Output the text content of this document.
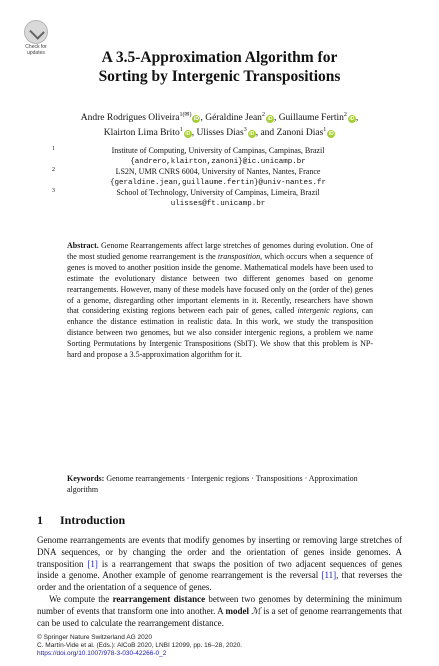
Check for
updates	A 3.5-Approximation Algorithm for
Sorting by Intergenic Transpositions
Andre Rodrigues Oliveira$^{1(✉)}$iD , Géraldine Jean$^2$iD , Guillaume Fertin$^2$iD ,
Klairton Lima Brito$^1$iD , Ulisses Dias$^3$iD , and Zanoni Dias$^1$iD
1	Institute of Computing, University of Campinas, Campinas, Brazil
{andrero,klairton,zanoni}@ic.unicamp.br
2	LS2N, UMR CNRS 6004, University of Nantes, Nantes, France
{geraldine.jean,guillaume.fertin}@univ-nantes.fr
3	School of Technology, University of Campinas, Limeira, Brazil
ulisses@ft.unicamp.br
Abstract. Genome Rearrangements affect large stretches of genomes during evolution. One of the most studied genome rearrangement is the transposition, which occurs when a sequence of genes is moved to another position inside the genome. Mathematical models have been used to estimate the evolutionary distance between two different genomes based on genome rearrangements. However, many of these models have focused only on the (order of the) genes of a genome, disregarding other important elements in it. Recently, researchers have shown that considering existing regions between each pair of genes, called intergenic regions, can enhance the distance estimation in realistic data. In this work, we study the transposition distance between two genomes, but we also consider intergenic regions, a problem we name Sorting Permutations by Intergenic Transpositions (SbIT). We show that this problem is NP-hard and propose a 3.5-approximation algorithm for it.
Keywords: Genome rearrangements · Intergenic regions · Transpositions · Approximation algorithm
1 Introduction

Genome rearrangements are events that modify genomes by inserting or removing large stretches of DNA sequences, or by changing the order and the orientation of genes inside genomes. A transposition [1] is a rearrangement that swaps the position of two adjacent sequences of genes inside a genome. Another example of genome rearrangement is the reversal [11], that reverses the order and the orientation of a sequence of genes.

We compute the rearrangement distance between two genomes by determining the minimum number of events that transform one into another. A model ℳ is a set of genome rearrangements that can be used to calculate the rearrangement distance.

© Springer Nature Switzerland AG 2020
C. Martín-Vide et al. (Eds.): AlCoB 2020, LNBI 12099, pp. 16–28, 2020.
https://doi.org/10.1007/978-3-030-42266-0_2
